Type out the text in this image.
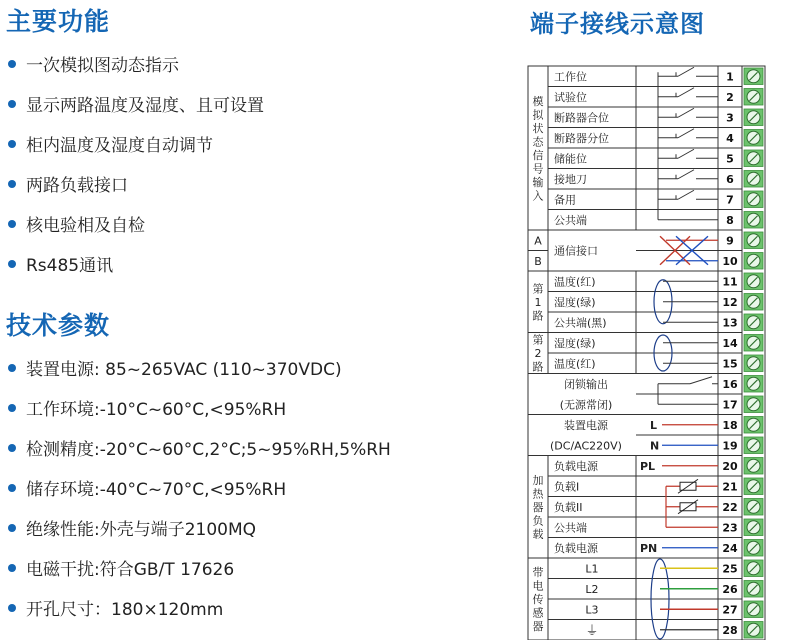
主要功能
一次模拟图动态指示
显示两路温度及湿度、且可设置
柜内温度及湿度自动调节
两路负载接口
核电验相及自检
Rs485通讯
技术参数
装置电源: 85~265VAC (110~370VDC)
工作环境:-10°C~60°C,<95%RH
检测精度:-20°C~60°C,2°C;5~95%RH,5%RH
储存环境:-40°C~70°C,<95%RH
绝缘性能:外壳与端子2100MQ
电磁干扰:符合GB/T 17626
开孔尺寸：180×120mm
端子接线示意图
模
拟
状
态
信
号
输
入
A
B
第
1
路
第
2
路
加
热
器
负
载
带
电
传
感
器
工作位
试验位
断路器合位
断路器分位
储能位
接地刀
备用
公共端
通信接口
温度(红)
湿度(绿)
公共端(黑)
湿度(绿)
温度(红)
闭锁输出
(无源常闭)
装置电源
(DC/AC220V)
负载电源
负载I
负载II
公共端
负载电源
L1
L2
L3
⏚
1
2
3
4
5
6
7
8
9
10
11
12
13
14
15
16
17
18
19
20
21
22
23
24
25
26
27
28
L
N
PL
PN
